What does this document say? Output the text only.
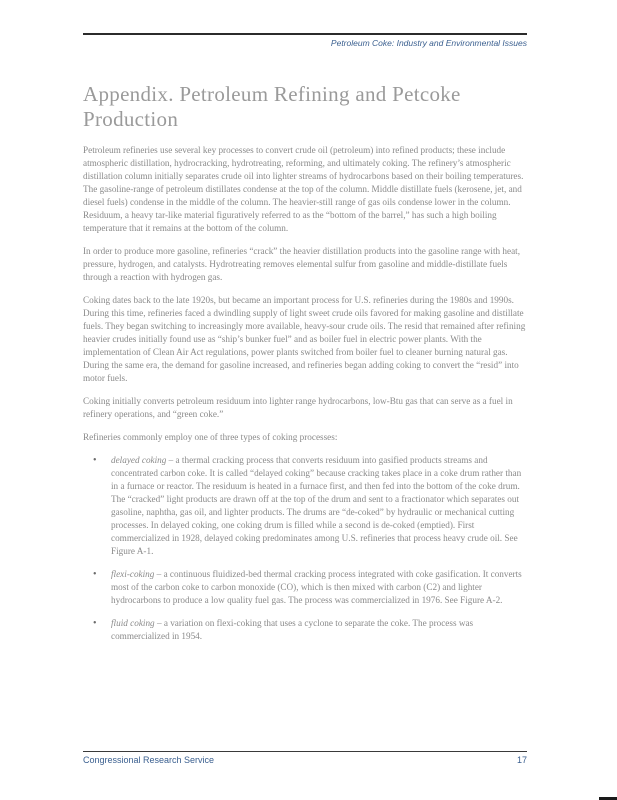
Petroleum Coke: Industry and Environmental Issues
Appendix. Petroleum Refining and Petcoke Production

Petroleum refineries use several key processes to convert crude oil (petroleum) into refined products; these include atmospheric distillation, hydrocracking, hydrotreating, reforming, and ultimately coking. The refinery’s atmospheric distillation column initially separates crude oil into lighter streams of hydrocarbons based on their boiling temperatures. The gasoline-range of petroleum distillates condense at the top of the column. Middle distillate fuels (kerosene, jet, and diesel fuels) condense in the middle of the column. The heavier-still range of gas oils condense lower in the column. Residuum, a heavy tar-like material figuratively referred to as the “bottom of the barrel,” has such a high boiling temperature that it remains at the bottom of the column.

In order to produce more gasoline, refineries “crack” the heavier distillation products into the gasoline range with heat, pressure, hydrogen, and catalysts. Hydrotreating removes elemental sulfur from gasoline and middle-distillate fuels through a reaction with hydrogen gas.

Coking dates back to the late 1920s, but became an important process for U.S. refineries during the 1980s and 1990s. During this time, refineries faced a dwindling supply of light sweet crude oils favored for making gasoline and distillate fuels. They began switching to increasingly more available, heavy-sour crude oils. The resid that remained after refining heavier crudes initially found use as “ship’s bunker fuel” and as boiler fuel in electric power plants. With the implementation of Clean Air Act regulations, power plants switched from boiler fuel to cleaner burning natural gas. During the same era, the demand for gasoline increased, and refineries began adding coking to convert the “resid” into motor fuels.

Coking initially converts petroleum residuum into lighter range hydrocarbons, low-Btu gas that can serve as a fuel in refinery operations, and “green coke.”

Refineries commonly employ one of three types of coking processes:

• delayed coking – a thermal cracking process that converts residuum into gasified products streams and concentrated carbon coke. It is called “delayed coking” because cracking takes place in a coke drum rather than in a furnace or reactor. The residuum is heated in a furnace first, and then fed into the bottom of the coke drum. The “cracked” light products are drawn off at the top of the drum and sent to a fractionator which separates out gasoline, naphtha, gas oil, and lighter products. The drums are “de-coked” by hydraulic or mechanical cutting processes. In delayed coking, one coking drum is filled while a second is de-coked (emptied). First commercialized in 1928, delayed coking predominates among U.S. refineries that process heavy crude oil. See Figure A-1.
• flexi-coking – a continuous fluidized-bed thermal cracking process integrated with coke gasification. It converts most of the carbon coke to carbon monoxide (CO), which is then mixed with carbon (C2) and lighter hydrocarbons to produce a low quality fuel gas. The process was commercialized in 1976. See Figure A-2.
• fluid coking – a variation on flexi-coking that uses a cyclone to separate the coke. The process was commercialized in 1954.
Congressional Research Service	17
